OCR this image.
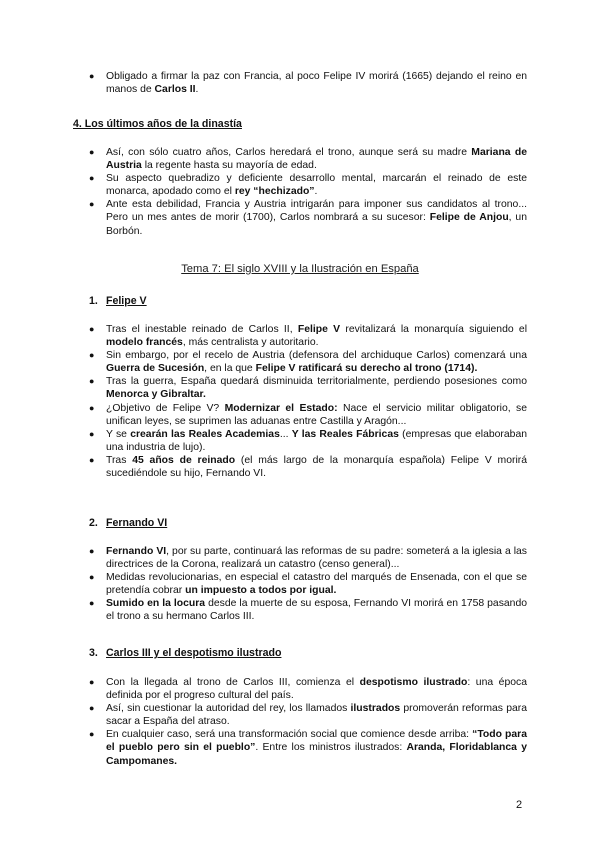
● Obligado a firmar la paz con Francia, al poco Felipe IV morirá (1665) dejando el reino en manos de Carlos II.
4. Los últimos años de la dinastía
● Así, con sólo cuatro años, Carlos heredará el trono, aunque será su madre Mariana de Austria la regente hasta su mayoría de edad.
● Su aspecto quebradizo y deficiente desarrollo mental, marcarán el reinado de este monarca, apodado como el rey “hechizado”.
● Ante esta debilidad, Francia y Austria intrigarán para imponer sus candidatos al trono... Pero un mes antes de morir (1700), Carlos nombrará a su sucesor: Felipe de Anjou, un Borbón.
Tema 7: El siglo XVIII y la Ilustración en España
1. Felipe V
● Tras el inestable reinado de Carlos II, Felipe V revitalizará la monarquía siguiendo el modelo francés, más centralista y autoritario.
● Sin embargo, por el recelo de Austria (defensora del archiduque Carlos) comenzará una Guerra de Sucesión, en la que Felipe V ratificará su derecho al trono (1714).
● Tras la guerra, España quedará disminuida territorialmente, perdiendo posesiones como Menorca y Gibraltar.
● ¿Objetivo de Felipe V? Modernizar el Estado: Nace el servicio militar obligatorio, se unifican leyes, se suprimen las aduanas entre Castilla y Aragón...
● Y se crearán las Reales Academias... Y las Reales Fábricas (empresas que elaboraban una industria de lujo).
● Tras 45 años de reinado (el más largo de la monarquía española) Felipe V morirá sucediéndole su hijo, Fernando VI.
2. Fernando VI
● Fernando VI, por su parte, continuará las reformas de su padre: someterá a la iglesia a las directrices de la Corona, realizará un catastro (censo general)...
● Medidas revolucionarias, en especial el catastro del marqués de Ensenada, con el que se pretendía cobrar un impuesto a todos por igual.
● Sumido en la locura desde la muerte de su esposa, Fernando VI morirá en 1758 pasando el trono a su hermano Carlos III.
3. Carlos III y el despotismo ilustrado
● Con la llegada al trono de Carlos III, comienza el despotismo ilustrado: una época definida por el progreso cultural del país.
● Así, sin cuestionar la autoridad del rey, los llamados ilustrados promoverán reformas para sacar a España del atraso.
● En cualquier caso, será una transformación social que comience desde arriba: “Todo para el pueblo pero sin el pueblo”. Entre los ministros ilustrados: Aranda, Floridablanca y Campomanes.
2
